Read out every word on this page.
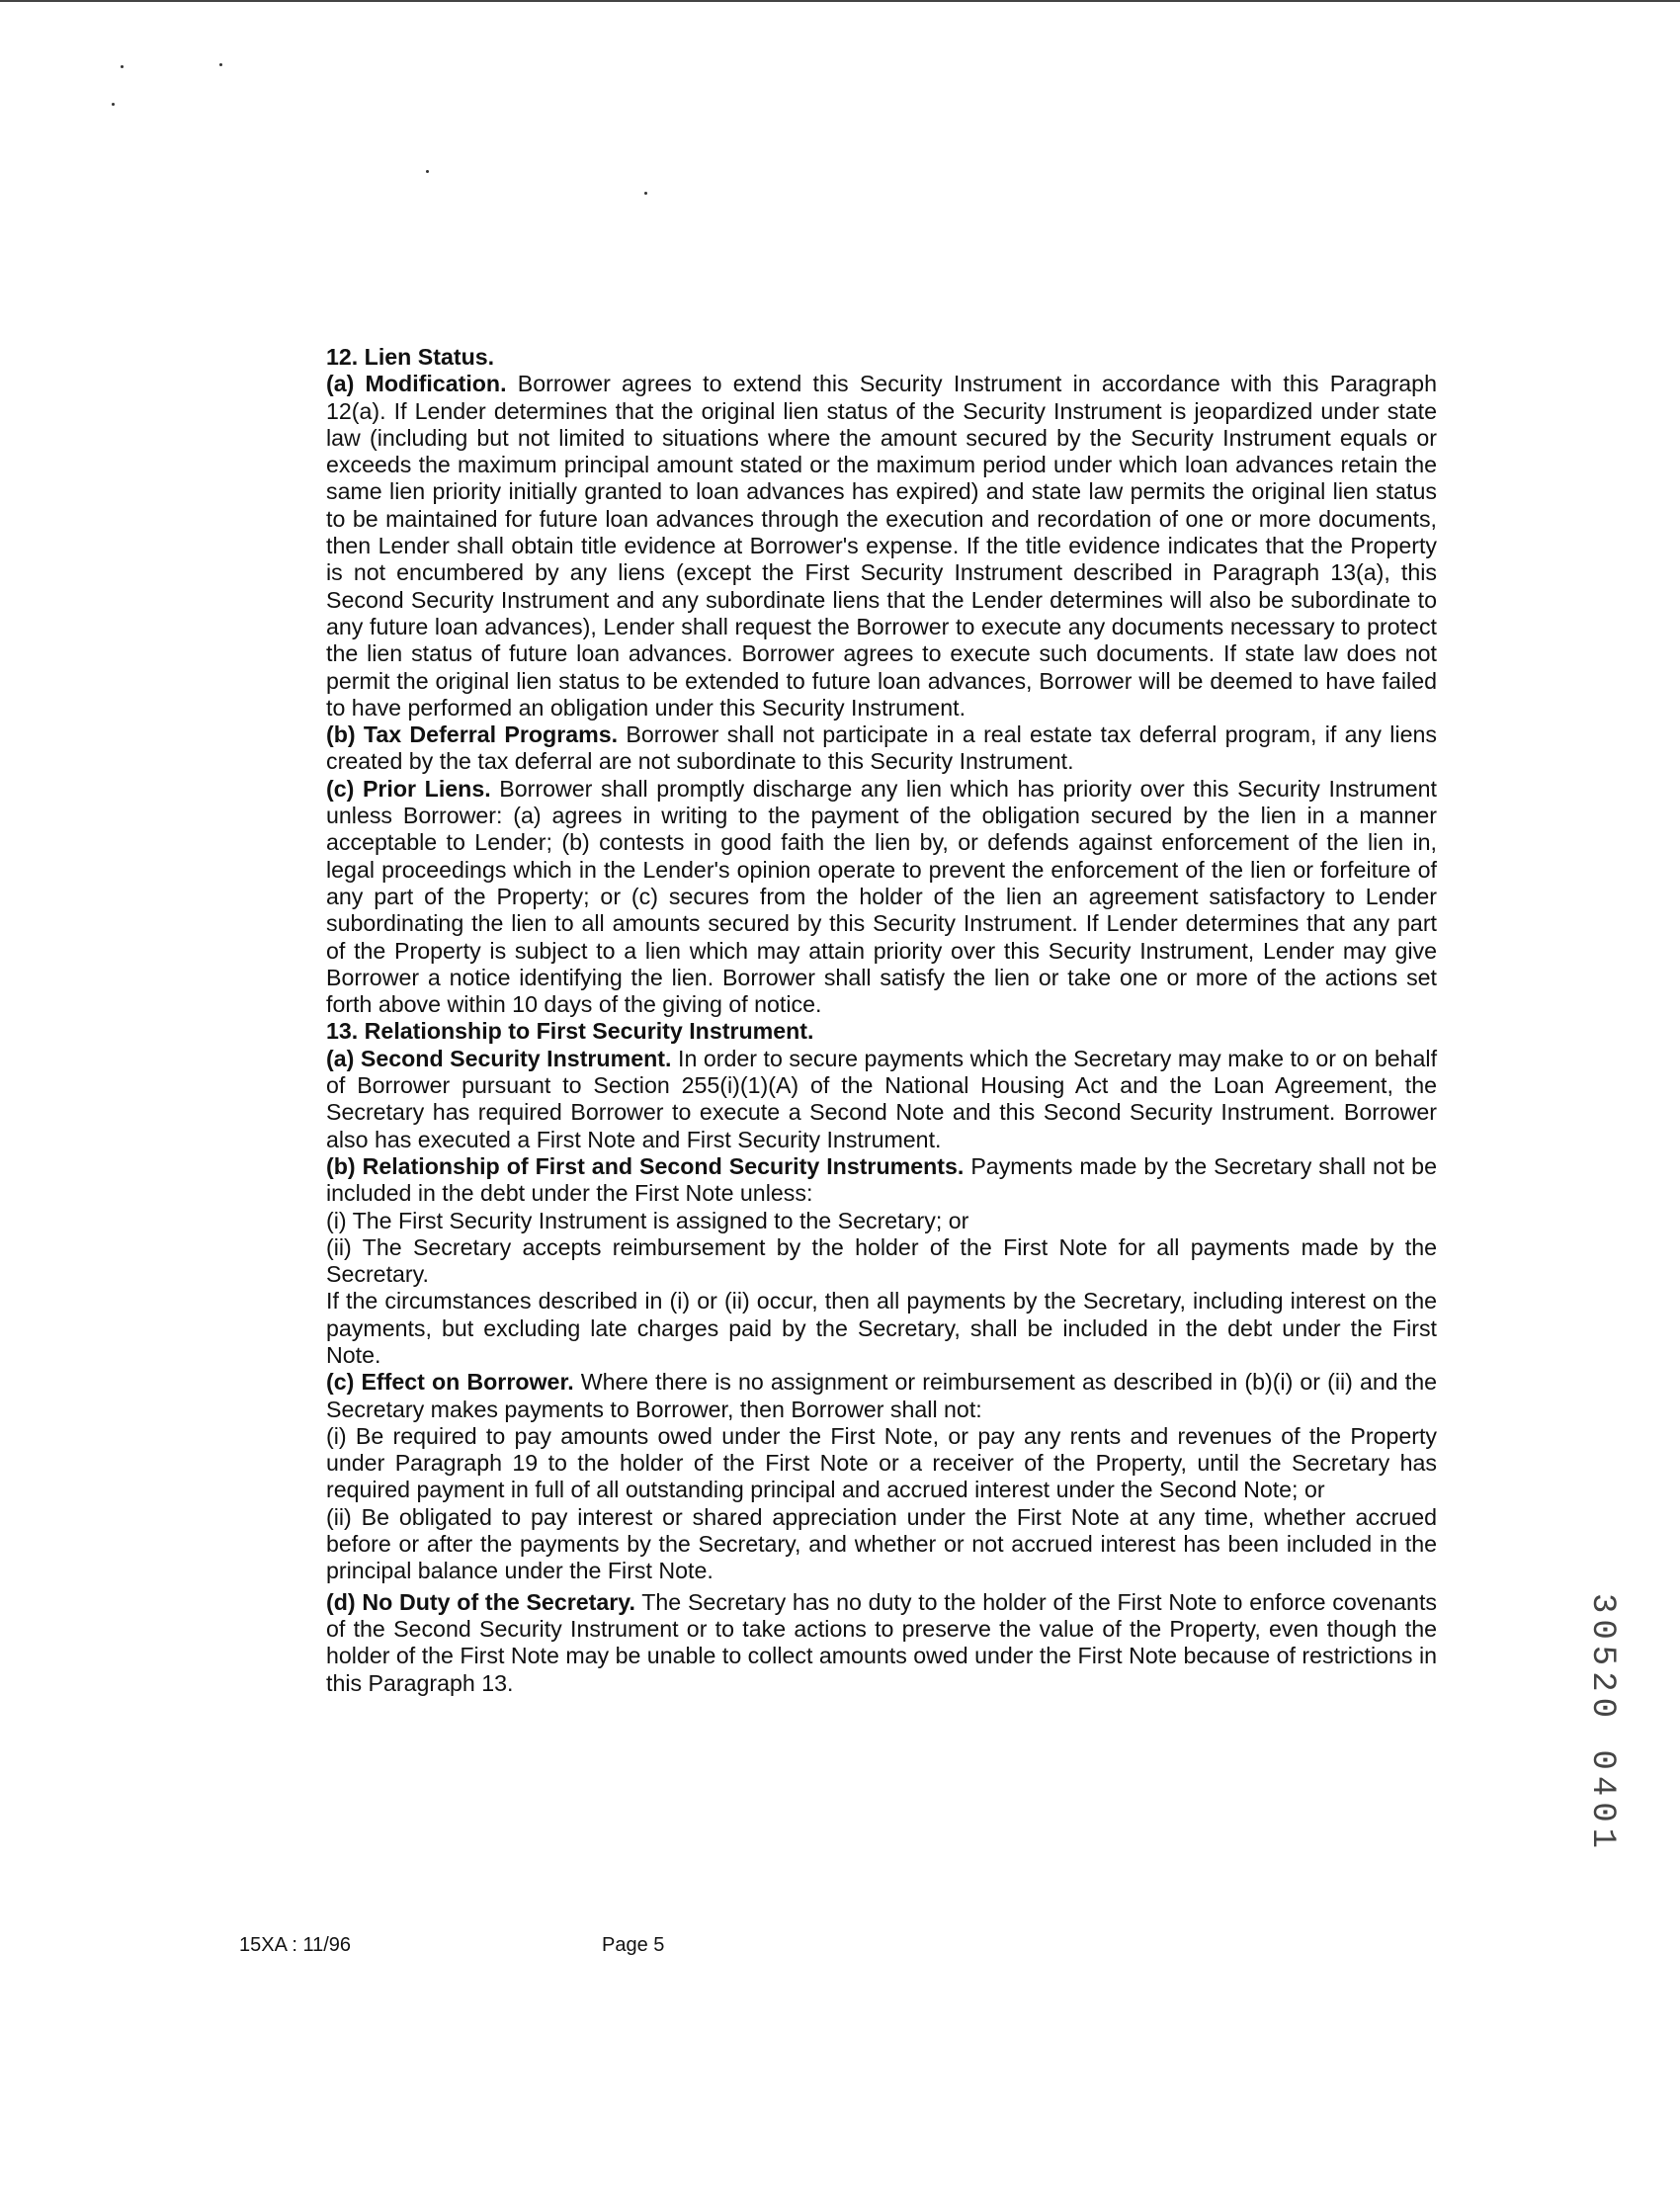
12. Lien Status.

(a) Modification. Borrower agrees to extend this Security Instrument in accordance with this Paragraph 12(a). If Lender determines that the original lien status of the Security Instrument is jeopardized under state law (including but not limited to situations where the amount secured by the Security Instrument equals or exceeds the maximum principal amount stated or the maximum period under which loan advances retain the same lien priority initially granted to loan advances has expired) and state law permits the original lien status to be maintained for future loan advances through the execution and recordation of one or more documents, then Lender shall obtain title evidence at Borrower's expense. If the title evidence indicates that the Property is not encumbered by any liens (except the First Security Instrument described in Paragraph 13(a), this Second Security Instrument and any subordinate liens that the Lender determines will also be subordinate to any future loan advances), Lender shall request the Borrower to execute any documents necessary to protect the lien status of future loan advances. Borrower agrees to execute such documents. If state law does not permit the original lien status to be extended to future loan advances, Borrower will be deemed to have failed to have performed an obligation under this Security Instrument.

(b) Tax Deferral Programs. Borrower shall not participate in a real estate tax deferral program, if any liens created by the tax deferral are not subordinate to this Security Instrument.

(c) Prior Liens. Borrower shall promptly discharge any lien which has priority over this Security Instrument unless Borrower: (a) agrees in writing to the payment of the obligation secured by the lien in a manner acceptable to Lender; (b) contests in good faith the lien by, or defends against enforcement of the lien in, legal proceedings which in the Lender's opinion operate to prevent the enforcement of the lien or forfeiture of any part of the Property; or (c) secures from the holder of the lien an agreement satisfactory to Lender subordinating the lien to all amounts secured by this Security Instrument. If Lender determines that any part of the Property is subject to a lien which may attain priority over this Security Instrument, Lender may give Borrower a notice identifying the lien. Borrower shall satisfy the lien or take one or more of the actions set forth above within 10 days of the giving of notice.

13. Relationship to First Security Instrument.

(a) Second Security Instrument. In order to secure payments which the Secretary may make to or on behalf of Borrower pursuant to Section 255(i)(1)(A) of the National Housing Act and the Loan Agreement, the Secretary has required Borrower to execute a Second Note and this Second Security Instrument. Borrower also has executed a First Note and First Security Instrument.

(b) Relationship of First and Second Security Instruments. Payments made by the Secretary shall not be included in the debt under the First Note unless:

(i) The First Security Instrument is assigned to the Secretary; or

(ii) The Secretary accepts reimbursement by the holder of the First Note for all payments made by the Secretary.

If the circumstances described in (i) or (ii) occur, then all payments by the Secretary, including interest on the payments, but excluding late charges paid by the Secretary, shall be included in the debt under the First Note.

(c) Effect on Borrower. Where there is no assignment or reimbursement as described in (b)(i) or (ii) and the Secretary makes payments to Borrower, then Borrower shall not:

(i) Be required to pay amounts owed under the First Note, or pay any rents and revenues of the Property under Paragraph 19 to the holder of the First Note or a receiver of the Property, until the Secretary has required payment in full of all outstanding principal and accrued interest under the Second Note; or

(ii) Be obligated to pay interest or shared appreciation under the First Note at any time, whether accrued before or after the payments by the Secretary, and whether or not accrued interest has been included in the principal balance under the First Note.

(d) No Duty of the Secretary. The Secretary has no duty to the holder of the First Note to enforce covenants of the Second Security Instrument or to take actions to preserve the value of the Property, even though the holder of the First Note may be unable to collect amounts owed under the First Note because of restrictions in this Paragraph 13.

15XA : 11/96	Page 5
30520 0401
